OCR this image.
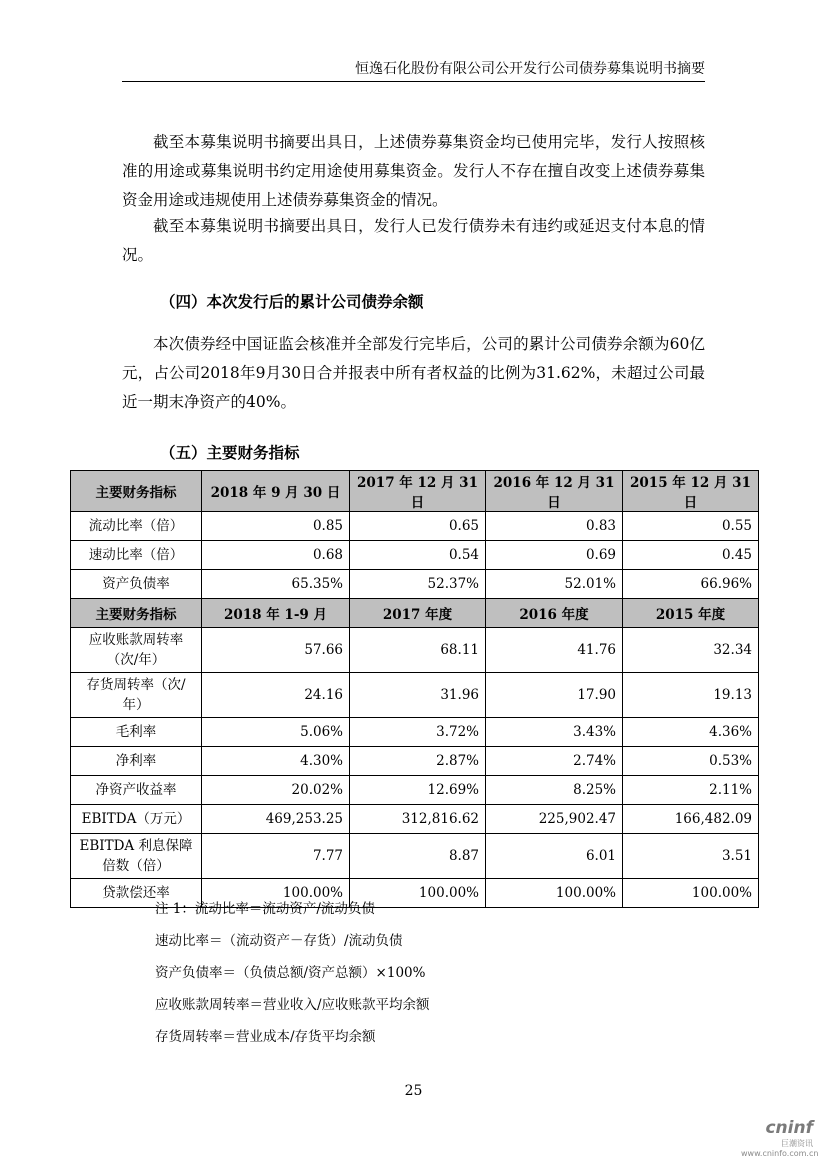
恒逸石化股份有限公司公开发行公司债券募集说明书摘要

截至本募集说明书摘要出具日，上述债券募集资金均已使用完毕，发行人按照核准的用途或募集说明书约定用途使用募集资金。发行人不存在擅自改变上述债券募集资金用途或违规使用上述债券募集资金的情况。

截至本募集说明书摘要出具日，发行人已发行债券未有违约或延迟支付本息的情况。

（四）本次发行后的累计公司债券余额

本次债券经中国证监会核准并全部发行完毕后，公司的累计公司债券余额为60亿元，占公司2018年9月30日合并报表中所有者权益的比例为31.62%，未超过公司最近一期末净资产的40%。

（五）主要财务指标
主要财务指标	2018 年 9 月 30 日	2017 年 12 月 31 日	2016 年 12 月 31 日	2015 年 12 月 31 日
流动比率（倍）	0.85	0.65	0.83	0.55
速动比率（倍）	0.68	0.54	0.69	0.45
资产负债率	65.35%	52.37%	52.01%	66.96%
主要财务指标	2018 年 1-9 月	2017 年度	2016 年度	2015 年度
应收账款周转率（次/年）	57.66	68.11	41.76	32.34
存货周转率（次/年）	24.16	31.96	17.90	19.13
毛利率	5.06%	3.72%	3.43%	4.36%
净利率	4.30%	2.87%	2.74%	0.53%
净资产收益率	20.02%	12.69%	8.25%	2.11%
EBITDA（万元）	469,253.25	312,816.62	225,902.47	166,482.09
EBITDA 利息保障倍数（倍）	7.77	8.87	6.01	3.51
贷款偿还率	100.00%	100.00%	100.00%	100.00%
注 1：流动比率＝流动资产/流动负债
速动比率＝（流动资产－存货）/流动负债
资产负债率＝（负债总额/资产总额）×100%
应收账款周转率＝营业收入/应收账款平均余额
存货周转率＝营业成本/存货平均余额
25
cninf
巨潮资讯
www.cninfo.com.cn
